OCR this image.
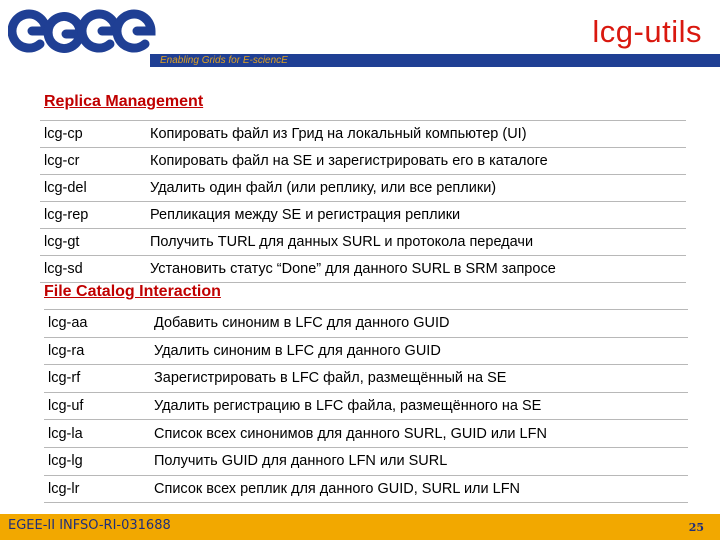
lcg-utils
Enabling Grids for E-sciencE
Replica Management
lcg-cp	Копировать файл из Грид на локальный компьютер (UI)
lcg-cr	Копировать файл на SE и зарегистрировать его в каталоге
lcg-del	Удалить один файл (или реплику, или все реплики)
lcg-rep	Репликация между SE и регистрация реплики
lcg-gt	Получить TURL для данных SURL и протокола передачи
lcg-sd	Установить статус “Done” для данного SURL в SRM запросе
File Catalog Interaction
lcg-aa	Добавить синоним в LFC для данного GUID
lcg-ra	Удалить синоним в LFC для данного GUID
lcg-rf	Зарегистрировать в LFC файл, размещённый на SE
lcg-uf	Удалить регистрацию в LFC файла, размещённого на SE
lcg-la	Список всех синонимов для данного SURL, GUID или LFN
lcg-lg	Получить GUID для данного LFN или SURL
lcg-lr	Список всех реплик для данного GUID, SURL или LFN
EGEE-II INFSO-RI-031688	25
